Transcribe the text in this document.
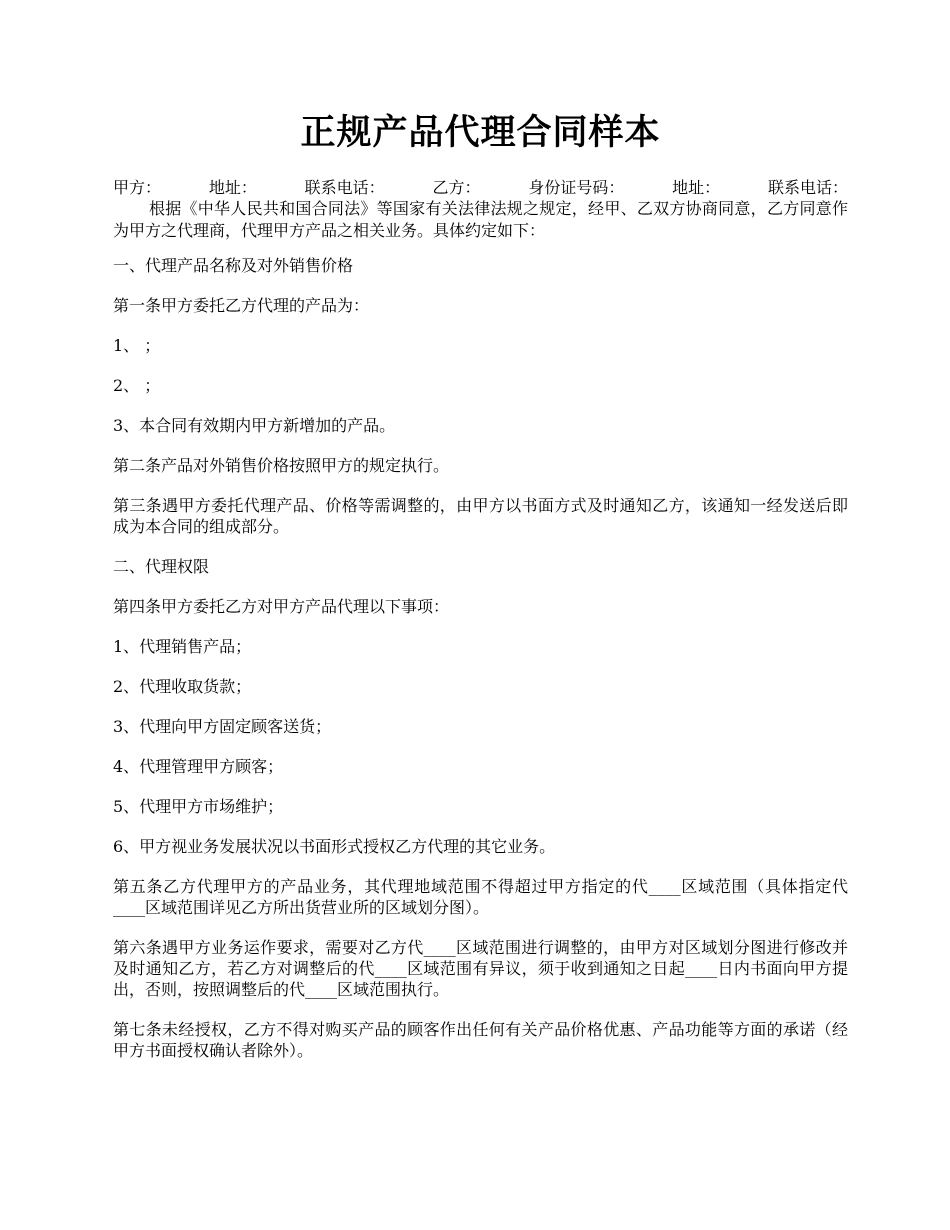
正规产品代理合同样本
甲方：	地址：	联系电话：	乙方：	身份证号码：	地址：	联系电话：

根据《中华人民共和国合同法》等国家有关法律法规之规定，经甲、乙双方协商同意，乙方同意作为甲方之代理商，代理甲方产品之相关业务。具体约定如下：

一、代理产品名称及对外销售价格

第一条甲方委托乙方代理的产品为：

1、 ；

2、 ；

3、本合同有效期内甲方新增加的产品。

第二条产品对外销售价格按照甲方的规定执行。

第三条遇甲方委托代理产品、价格等需调整的，由甲方以书面方式及时通知乙方，该通知一经发送后即成为本合同的组成部分。

二、代理权限

第四条甲方委托乙方对甲方产品代理以下事项：

1、代理销售产品；

2、代理收取货款；

3、代理向甲方固定顾客送货；

4、代理管理甲方顾客；

5、代理甲方市场维护；

6、甲方视业务发展状况以书面形式授权乙方代理的其它业务。

第五条乙方代理甲方的产品业务，其代理地域范围不得超过甲方指定的代____区域范围（具体指定代____区域范围详见乙方所出货营业所的区域划分图）。

第六条遇甲方业务运作要求，需要对乙方代____区域范围进行调整的，由甲方对区域划分图进行修改并及时通知乙方，若乙方对调整后的代____区域范围有异议，须于收到通知之日起____日内书面向甲方提出，否则，按照调整后的代____区域范围执行。

第七条未经授权，乙方不得对购买产品的顾客作出任何有关产品价格优惠、产品功能等方面的承诺（经甲方书面授权确认者除外）。
